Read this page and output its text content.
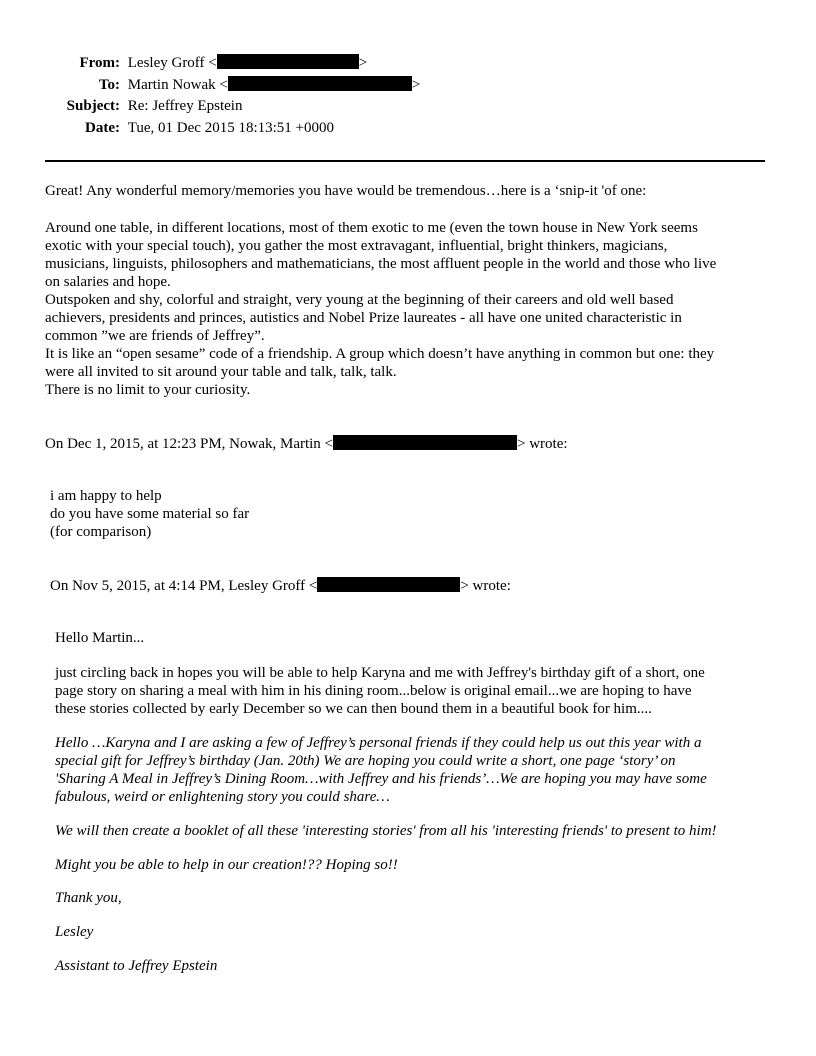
From: Lesley Groff <	>
To: Martin Nowak <	>
Subject: Re: Jeffrey Epstein
Date: Tue, 01 Dec 2015 18:13:51 +0000
Great! Any wonderful memory/memories you have would be tremendous…here is a ‘snip-it 'of one:
Around one table, in different locations, most of them exotic to me (even the town house in New York seems
exotic with your special touch), you gather the most extravagant, influential, bright thinkers, magicians,
musicians, linguists, philosophers and mathematicians, the most affluent people in the world and those who live
on salaries and hope.
Outspoken and shy, colorful and straight, very young at the beginning of their careers and old well based
achievers, presidents and princes, autistics and Nobel Prize laureates - all have one united characteristic in
common ”we are friends of Jeffrey”.
It is like an “open sesame” code of a friendship. A group which doesn’t have anything in common but one: they
were all invited to sit around your table and talk, talk, talk.
There is no limit to your curiosity.
On Dec 1, 2015, at 12:23 PM, Nowak, Martin <	> wrote:
i am happy to help
do you have some material so far
(for comparison)
On Nov 5, 2015, at 4:14 PM, Lesley Groff <	> wrote:
Hello Martin...
just circling back in hopes you will be able to help Karyna and me with Jeffrey's birthday gift of a short, one
page story on sharing a meal with him in his dining room...below is original email...we are hoping to have
these stories collected by early December so we can then bound them in a beautiful book for him....
Hello …Karyna and I are asking a few of Jeffrey’s personal friends if they could help us out this year with a
special gift for Jeffrey’s birthday (Jan. 20th) We are hoping you could write a short, one page ‘story’ on
'Sharing A Meal in Jeffrey’s Dining Room…with Jeffrey and his friends’…We are hoping you may have some
fabulous, weird or enlightening story you could share…
We will then create a booklet of all these 'interesting stories' from all his 'interesting friends' to present to him!
Might you be able to help in our creation!?? Hoping so!!
Thank you,
Lesley
Assistant to Jeffrey Epstein
